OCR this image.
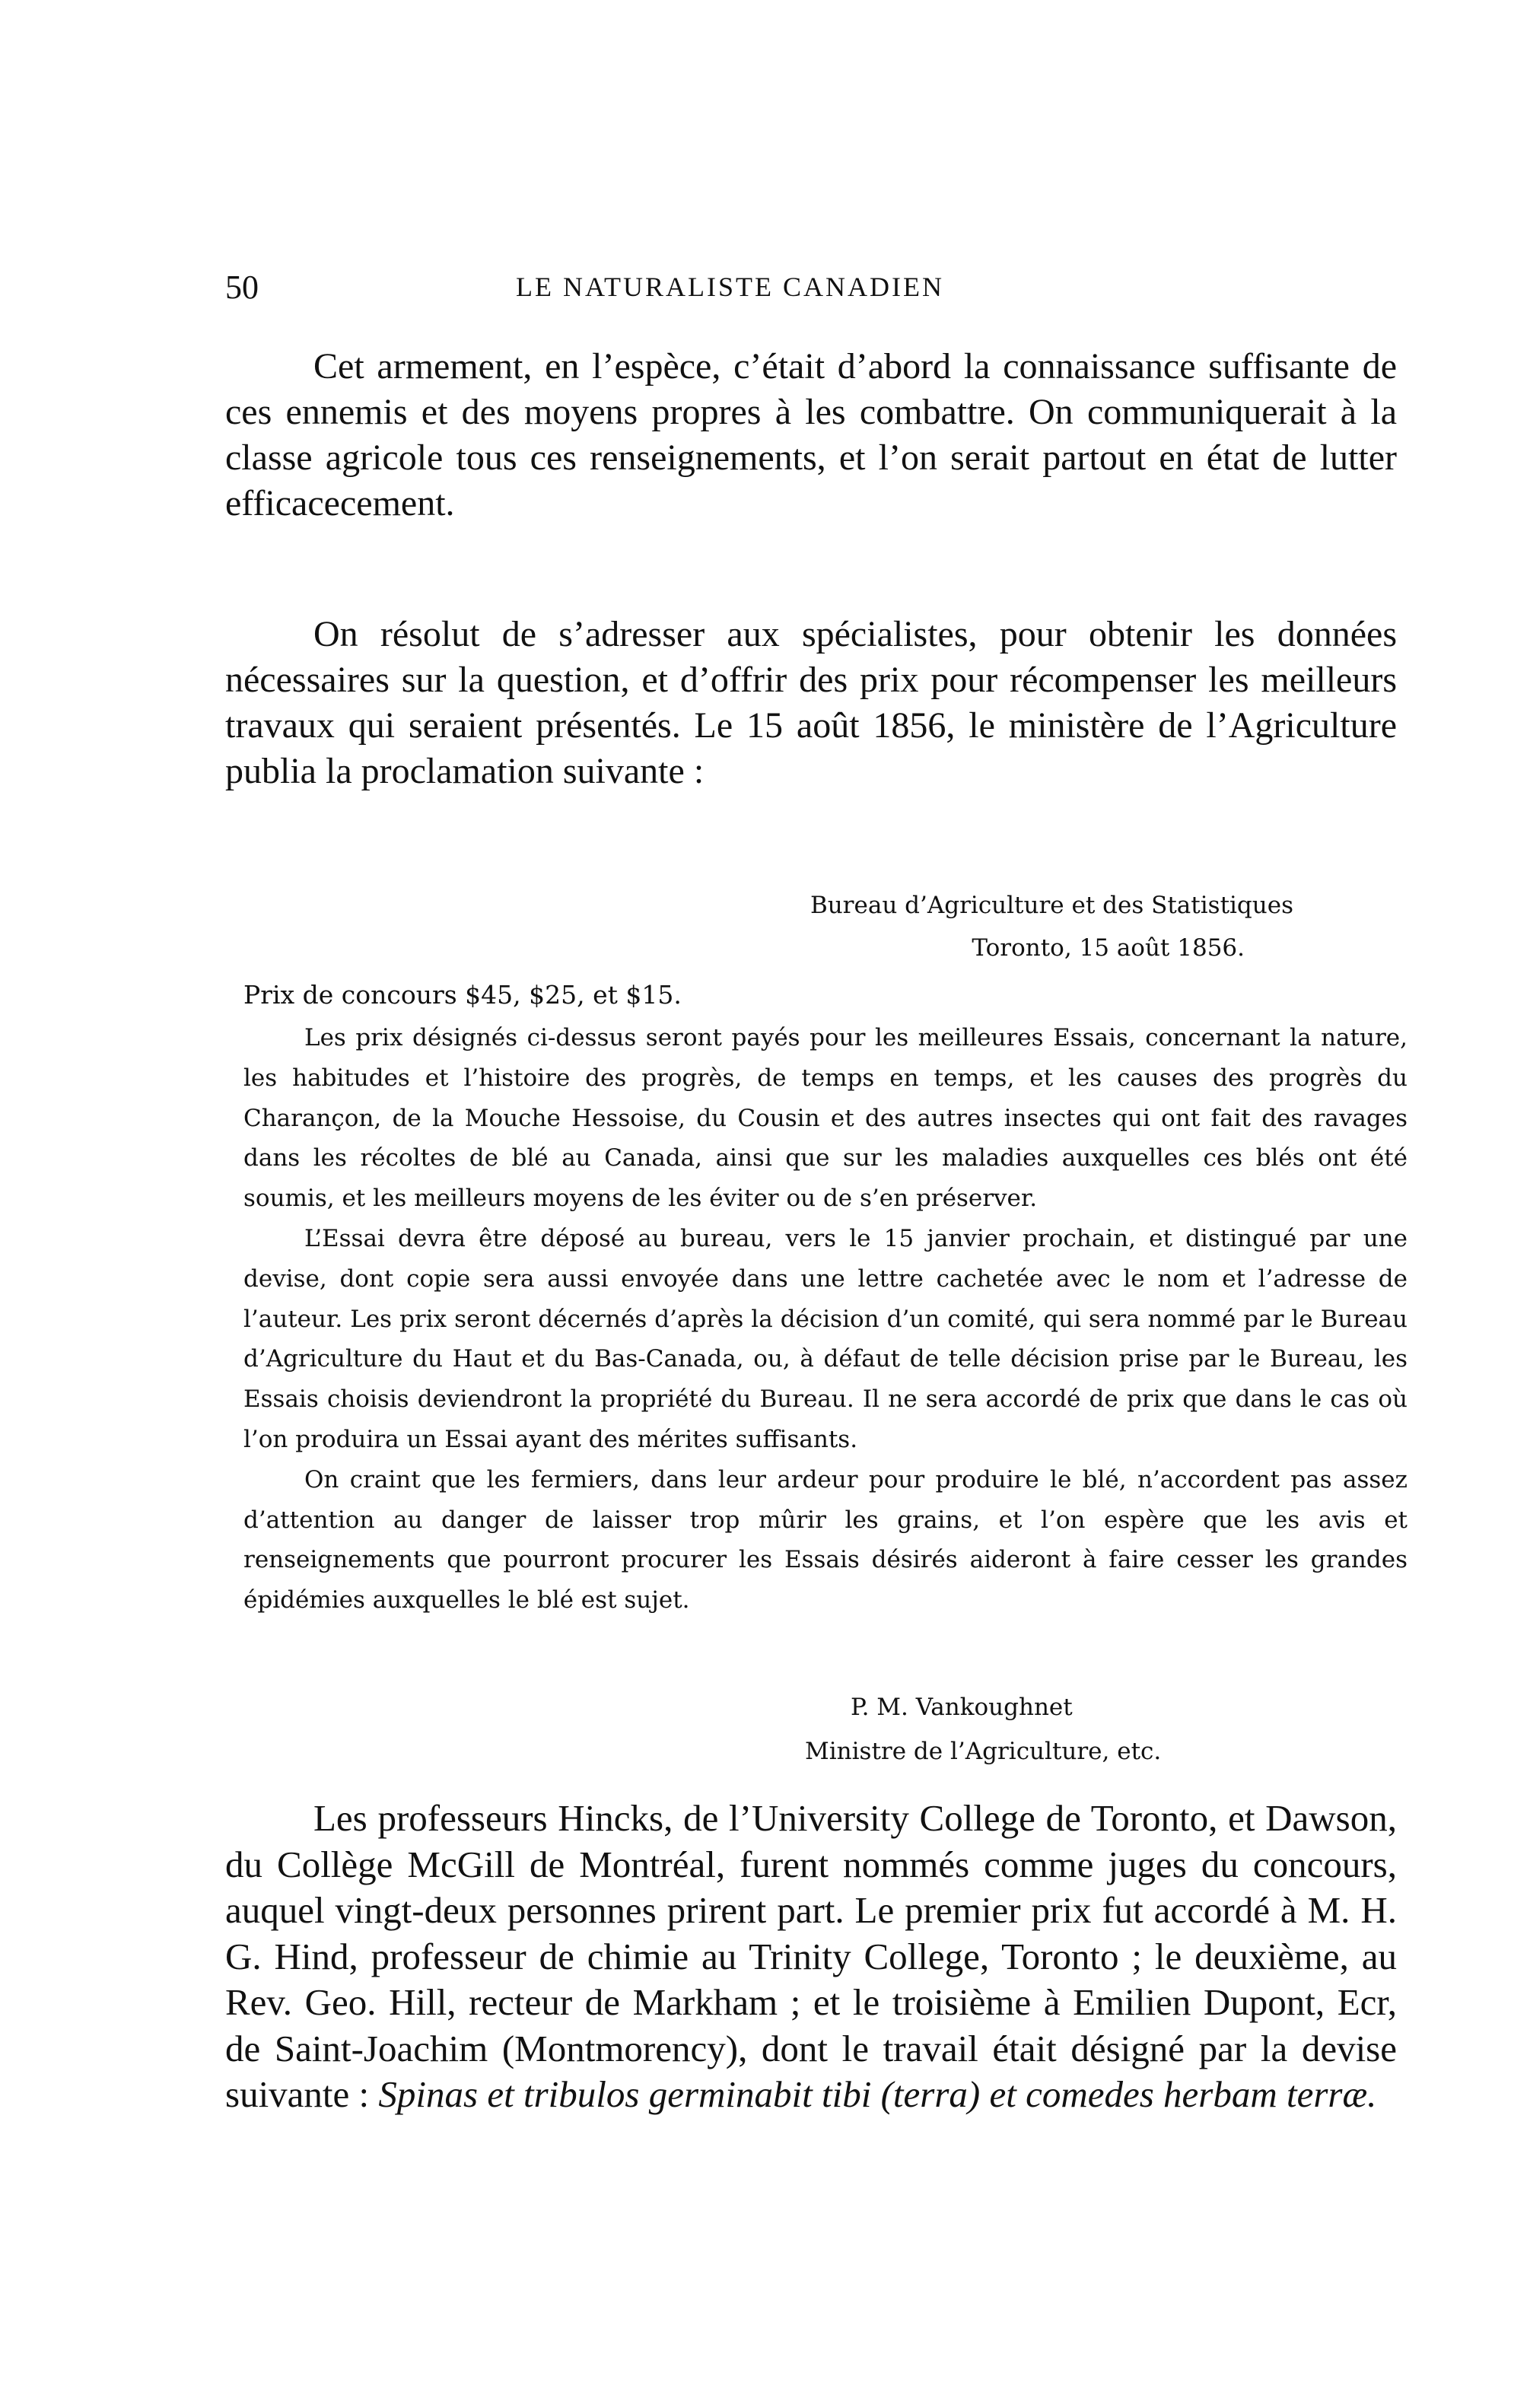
50	LE NATURALISTE CANADIEN

Cet armement, en l’espèce, c’était d’abord la connaissance suffisante de ces ennemis et des moyens propres à les combattre. On communiquerait à la classe agricole tous ces renseignements, et l’on serait partout en état de lutter efficacecement.

On résolut de s’adresser aux spécialistes, pour obtenir les données nécessaires sur la question, et d’offrir des prix pour récompenser les meilleurs travaux qui seraient présentés. Le 15 août 1856, le ministère de l’Agriculture publia la proclamation suivante :

Bureau d’Agriculture et des Statistiques
Toronto, 15 août 1856.
Prix de concours $45, $25, et $15.

Les prix désignés ci-dessus seront payés pour les meilleures Essais, concernant la nature, les habitudes et l’histoire des progrès, de temps en temps, et les causes des progrès du Charançon, de la Mouche Hessoise, du Cousin et des autres insectes qui ont fait des ravages dans les récoltes de blé au Canada, ainsi que sur les maladies auxquelles ces blés ont été soumis, et les meilleurs moyens de les éviter ou de s’en préserver.

L’Essai devra être déposé au bureau, vers le 15 janvier prochain, et distingué par une devise, dont copie sera aussi envoyée dans une lettre cachetée avec le nom et l’adresse de l’auteur. Les prix seront décernés d’après la décision d’un comité, qui sera nommé par le Bureau d’Agriculture du Haut et du Bas-Canada, ou, à défaut de telle décision prise par le Bureau, les Essais choisis deviendront la propriété du Bureau. Il ne sera accordé de prix que dans le cas où l’on produira un Essai ayant des mérites suffisants.

On craint que les fermiers, dans leur ardeur pour produire le blé, n’accordent pas assez d’attention au danger de laisser trop mûrir les grains, et l’on espère que les avis et renseignements que pourront procurer les Essais désirés aideront à faire cesser les grandes épidémies auxquelles le blé est sujet.

P. M. Vankoughnet
Ministre de l’Agriculture, etc.

Les professeurs Hincks, de l’University College de Toronto, et Dawson, du Collège McGill de Montréal, furent nommés comme juges du concours, auquel vingt-deux personnes prirent part. Le premier prix fut accordé à M. H. G. Hind, professeur de chimie au Trinity College, Toronto ; le deuxième, au Rev. Geo. Hill, recteur de Markham ; et le troisième à Emilien Dupont, Ecr, de Saint-Joachim (Montmorency), dont le travail était désigné par la devise suivante : Spinas et tribulos germinabit tibi (terra) et comedes herbam terræ.
